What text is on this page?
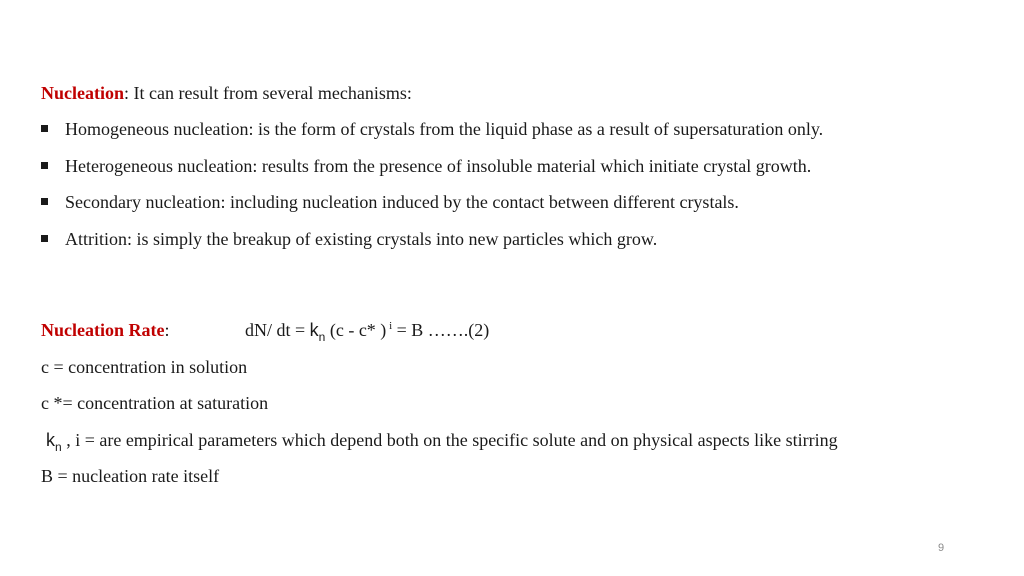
Nucleation: It can result from several mechanisms:
Homogeneous nucleation: is the form of crystals from the liquid phase as a result of supersaturation only.
Heterogeneous nucleation: results from the presence of insoluble material which initiate crystal growth.
Secondary nucleation: including nucleation induced by the contact between different crystals.
Attrition: is simply the breakup of existing crystals into new particles which grow.
Nucleation Rate:	dN/ dt = $k_n$ (c - c* ) $^i$ = B …….(2)
c = concentration in solution
c *= concentration at saturation
$k_n$ , i = are empirical parameters which depend both on the specific solute and on physical aspects like stirring
B = nucleation rate itself
9
